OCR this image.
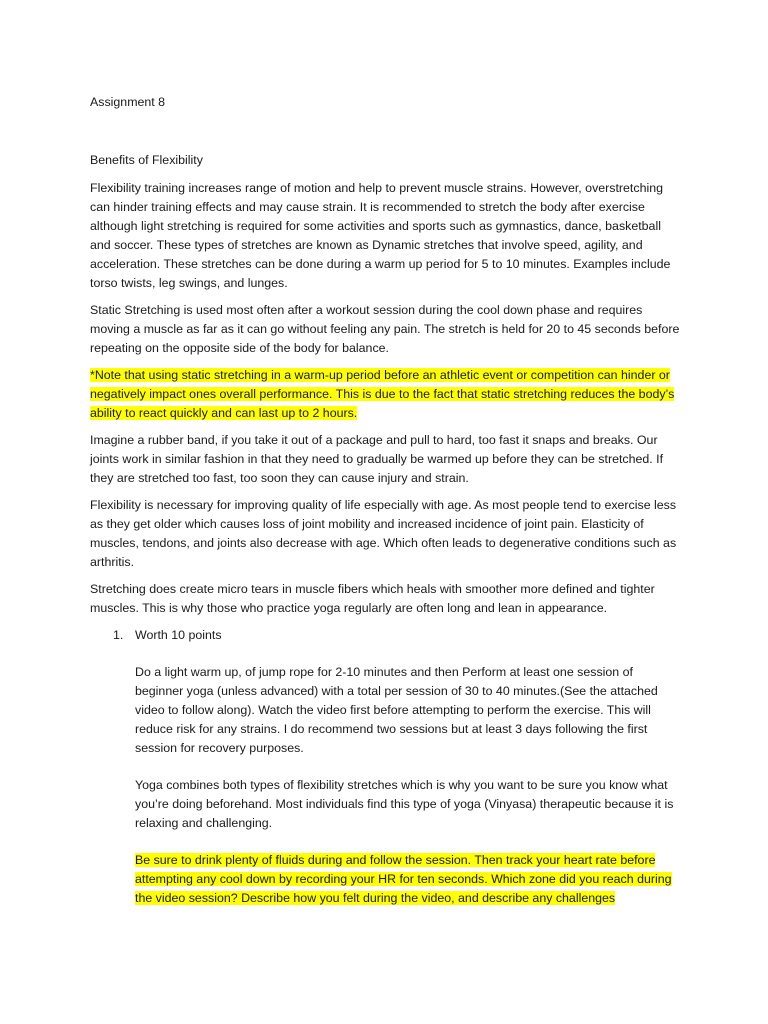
Assignment 8
Benefits of Flexibility

Flexibility training increases range of motion and help to prevent muscle strains. However, overstretching can hinder training effects and may cause strain. It is recommended to stretch the body after exercise although light stretching is required for some activities and sports such as gymnastics, dance, basketball and soccer. These types of stretches are known as Dynamic stretches that involve speed, agility, and acceleration. These stretches can be done during a warm up period for 5 to 10 minutes. Examples include torso twists, leg swings, and lunges.

Static Stretching is used most often after a workout session during the cool down phase and requires moving a muscle as far as it can go without feeling any pain. The stretch is held for 20 to 45 seconds before repeating on the opposite side of the body for balance.

*Note that using static stretching in a warm-up period before an athletic event or competition can hinder or negatively impact ones overall performance. This is due to the fact that static stretching reduces the body’s ability to react quickly and can last up to 2 hours.

Imagine a rubber band, if you take it out of a package and pull to hard, too fast it snaps and breaks. Our joints work in similar fashion in that they need to gradually be warmed up before they can be stretched. If they are stretched too fast, too soon they can cause injury and strain.

Flexibility is necessary for improving quality of life especially with age. As most people tend to exercise less as they get older which causes loss of joint mobility and increased incidence of joint pain. Elasticity of muscles, tendons, and joints also decrease with age. Which often leads to degenerative conditions such as arthritis.

Stretching does create micro tears in muscle fibers which heals with smoother more defined and tighter muscles. This is why those who practice yoga regularly are often long and lean in appearance.

1. Worth 10 points

Do a light warm up, of jump rope for 2-10 minutes and then Perform at least one session of beginner yoga (unless advanced) with a total per session of 30 to 40 minutes.(See the attached video to follow along). Watch the video first before attempting to perform the exercise. This will reduce risk for any strains. I do recommend two sessions but at least 3 days following the first session for recovery purposes.

Yoga combines both types of flexibility stretches which is why you want to be sure you know what you’re doing beforehand. Most individuals find this type of yoga (Vinyasa) therapeutic because it is relaxing and challenging.

Be sure to drink plenty of fluids during and follow the session. Then track your heart rate before attempting any cool down by recording your HR for ten seconds. Which zone did you reach during the video session? Describe how you felt during the video, and describe any challenges
